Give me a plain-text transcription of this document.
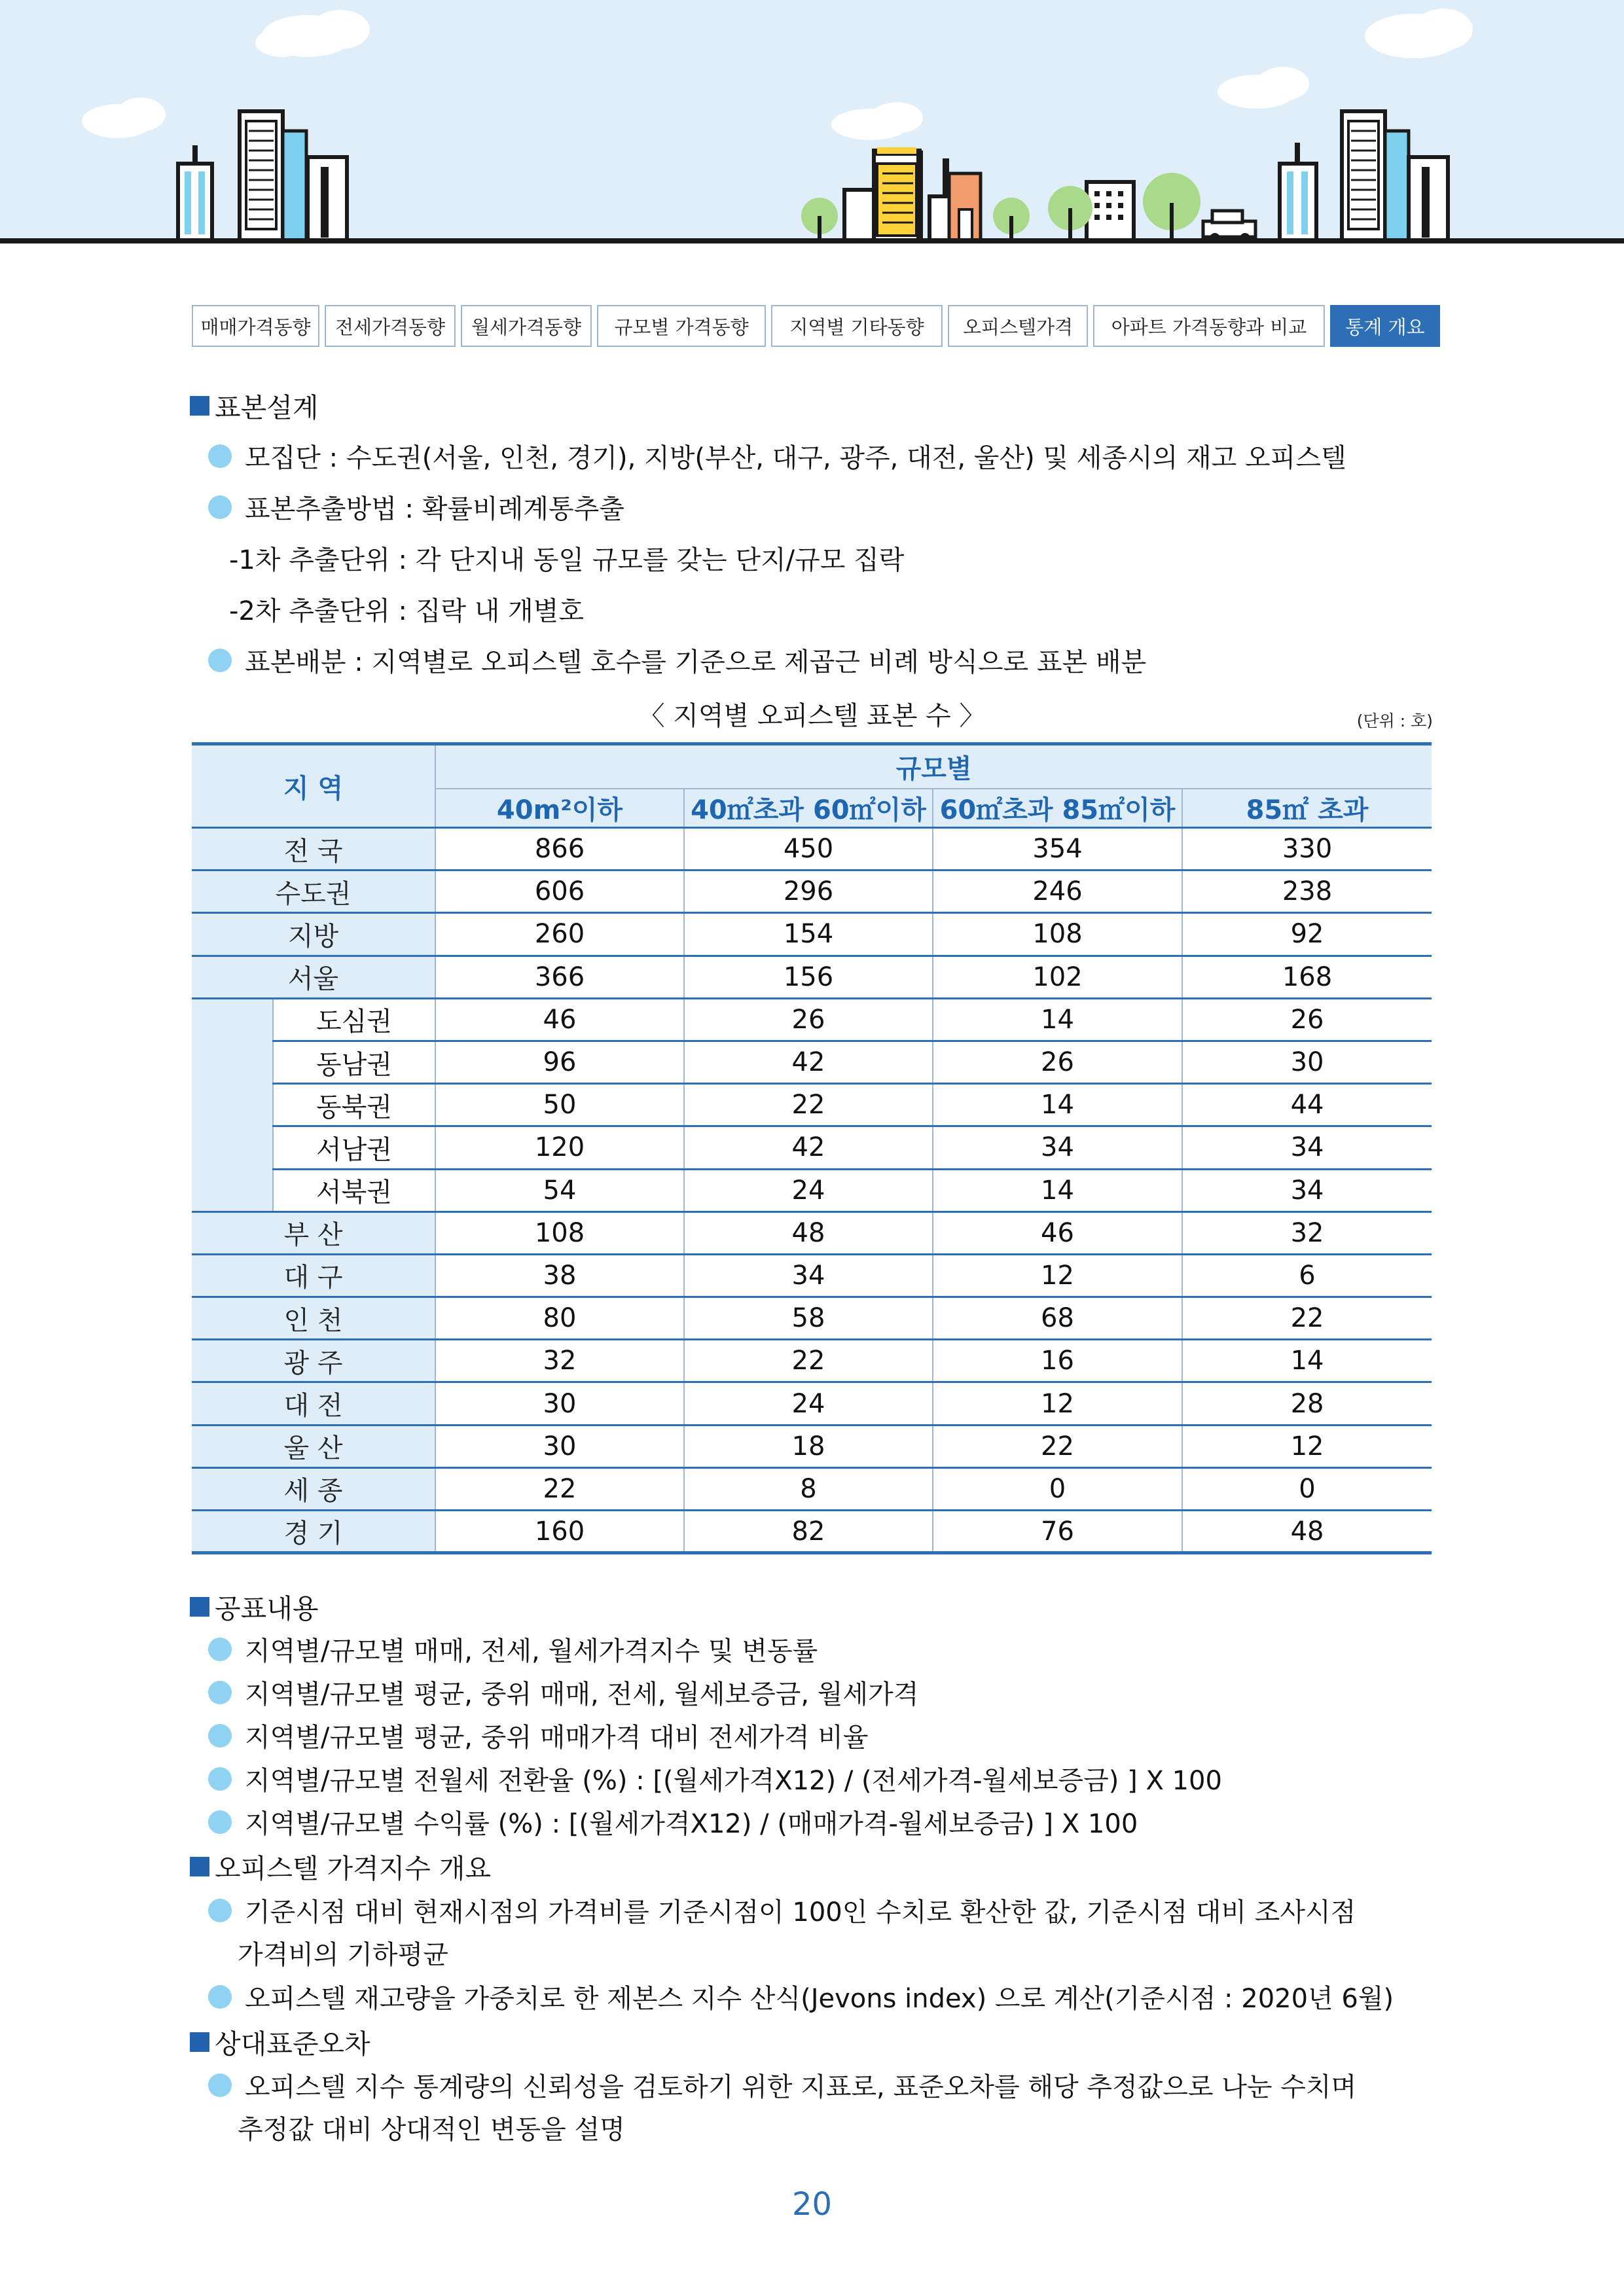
매매가격동향	전세가격동향	월세가격동향	규모별 가격동향	지역별 기타동향	오피스텔가격	아파트 가격동향과 비교	통계 개요
표본설계
모집단 : 수도권(서울, 인천, 경기), 지방(부산, 대구, 광주, 대전, 울산) 및 세종시의 재고 오피스텔
표본추출방법 : 확률비례계통추출
-1차 추출단위 : 각 단지내 동일 규모를 갖는 단지/규모 집락
-2차 추출단위 : 집락 내 개별호
표본배분 : 지역별로 오피스텔 호수를 기준으로 제곱근 비례 방식으로 표본 배분
〈 지역별 오피스텔 표본 수 〉	(단위 : 호)
지 역		규모별			
		40m²이하	40㎡초과 60㎡이하	60㎡초과 85㎡이하	85㎡ 초과
전 국		866	450	354	330
수도권		606	296	246	238
지방		260	154	108	92
서울		366	156	102	168
	도심권	46	26	14	26
	동남권	96	42	26	30
	동북권	50	22	14	44
	서남권	120	42	34	34
	서북권	54	24	14	34
부 산		108	48	46	32
대 구		38	34	12	6
인 천		80	58	68	22
광 주		32	22	16	14
대 전		30	24	12	28
울 산		30	18	22	12
세 종		22	8	0	0
경 기		160	82	76	48
공표내용
지역별/규모별 매매, 전세, 월세가격지수 및 변동률
지역별/규모별 평균, 중위 매매, 전세, 월세보증금, 월세가격
지역별/규모별 평균, 중위 매매가격 대비 전세가격 비율
지역별/규모별 전월세 전환율 (%) : [(월세가격X12) / (전세가격-월세보증금) ] X 100
지역별/규모별 수익률 (%) : [(월세가격X12) / (매매가격-월세보증금) ] X 100
오피스텔 가격지수 개요
기준시점 대비 현재시점의 가격비를 기준시점이 100인 수치로 환산한 값, 기준시점 대비 조사시점
가격비의 기하평균
오피스텔 재고량을 가중치로 한 제본스 지수 산식(Jevons index) 으로 계산(기준시점 : 2020년 6월)
상대표준오차
오피스텔 지수 통계량의 신뢰성을 검토하기 위한 지표로, 표준오차를 해당 추정값으로 나눈 수치며
추정값 대비 상대적인 변동을 설명
20
